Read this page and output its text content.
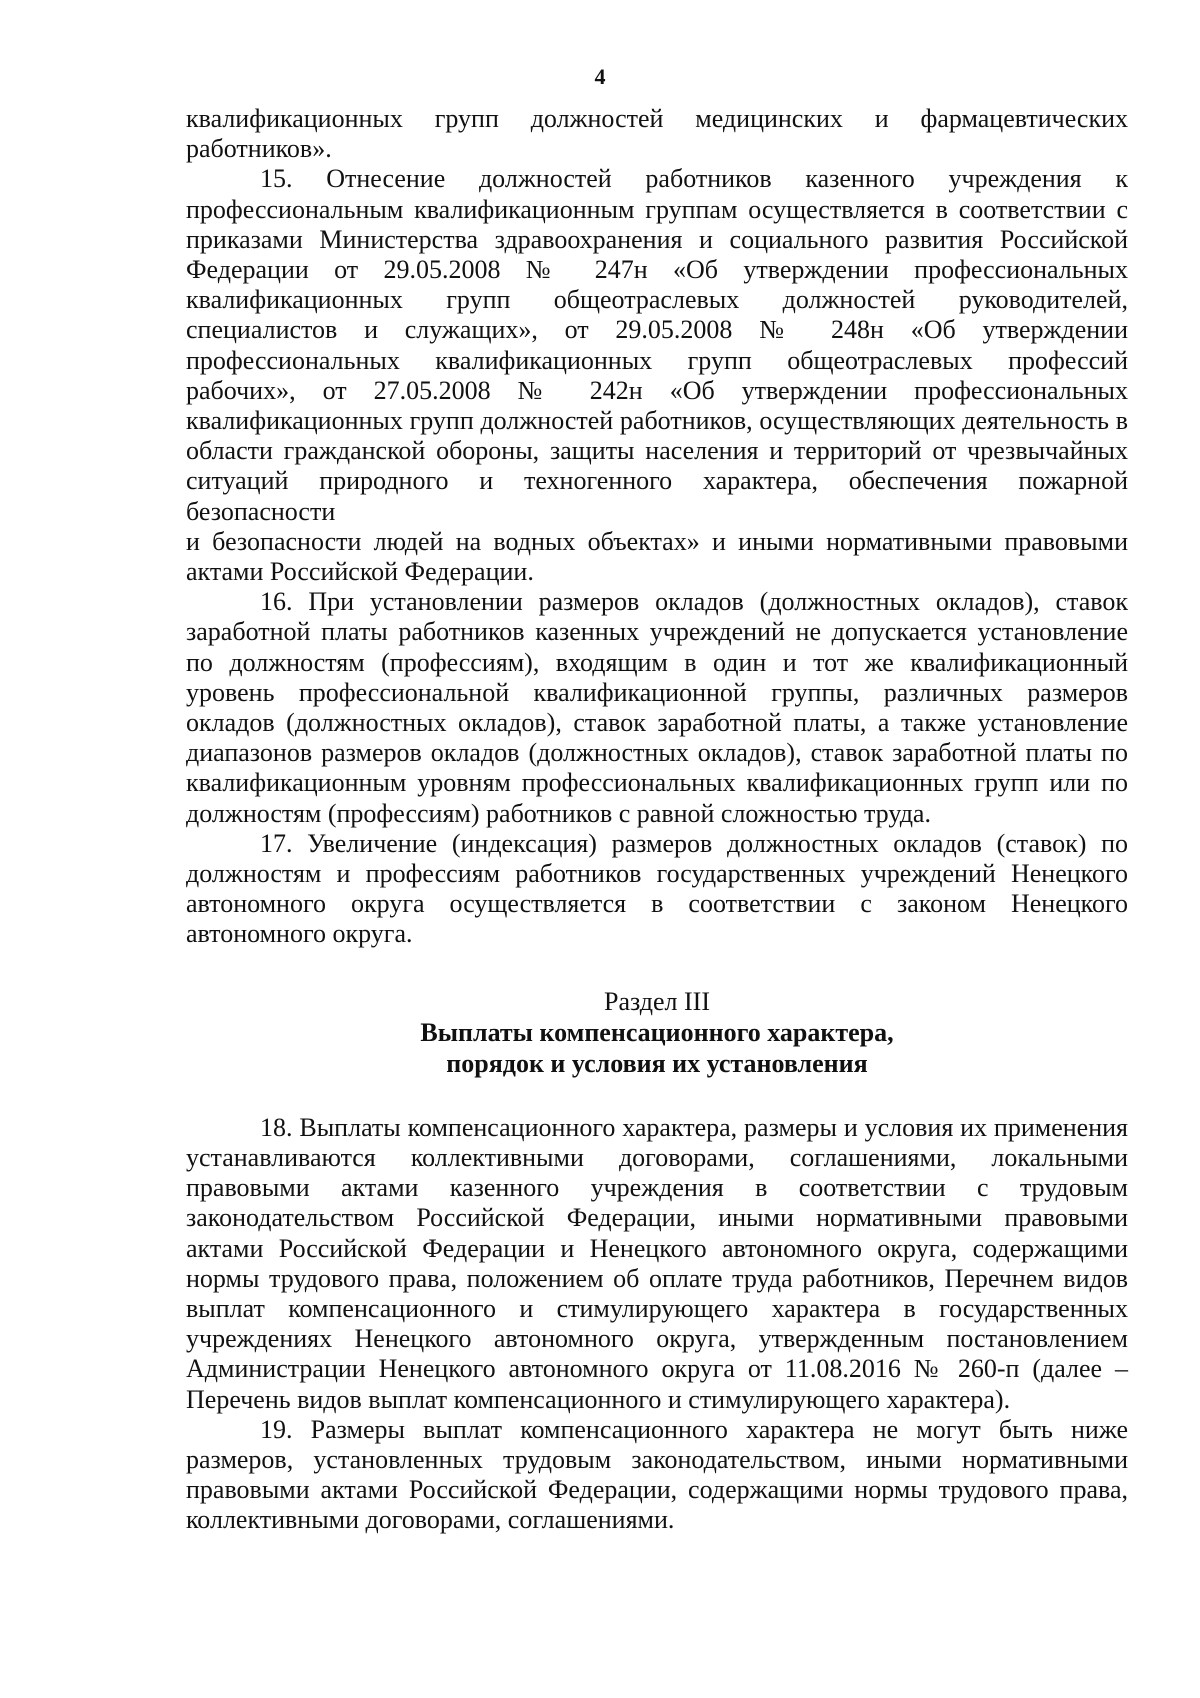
4

квалификационных групп должностей медицинских и фармацевтических работников».

15. Отнесение должностей работников казенного учреждения к профессиональным квалификационным группам осуществляется в соответствии с приказами Министерства здравоохранения и социального развития Российской Федерации от 29.05.2008 № 247н «Об утверждении профессиональных квалификационных групп общеотраслевых должностей руководителей, специалистов и служащих», от 29.05.2008 № 248н «Об утверждении профессиональных квалификационных групп общеотраслевых профессий рабочих», от 27.05.2008 № 242н «Об утверждении профессиональных квалификационных групп должностей работников, осуществляющих деятельность в области гражданской обороны, защиты населения и территорий от чрезвычайных ситуаций природного и техногенного характера, обеспечения пожарной безопасности

и безопасности людей на водных объектах» и иными нормативными правовыми актами Российской Федерации.

16. При установлении размеров окладов (должностных окладов), ставок заработной платы работников казенных учреждений не допускается установление по должностям (профессиям), входящим в один и тот же квалификационный уровень профессиональной квалификационной группы, различных размеров окладов (должностных окладов), ставок заработной платы, а также установление диапазонов размеров окладов (должностных окладов), ставок заработной платы по квалификационным уровням профессиональных квалификационных групп или по должностям (профессиям) работников с равной сложностью труда.

17. Увеличение (индексация) размеров должностных окладов (ставок) по должностям и профессиям работников государственных учреждений Ненецкого автономного округа осуществляется в соответствии с законом Ненецкого автономного округа.

Раздел III
Выплаты компенсационного характера,
порядок и условия их установления

18. Выплаты компенсационного характера, размеры и условия их применения устанавливаются коллективными договорами, соглашениями, локальными правовыми актами казенного учреждения в соответствии с трудовым законодательством Российской Федерации, иными нормативными правовыми актами Российской Федерации и Ненецкого автономного округа, содержащими нормы трудового права, положением об оплате труда работников, Перечнем видов выплат компенсационного и стимулирующего характера в государственных учреждениях Ненецкого автономного округа, утвержденным постановлением Администрации Ненецкого автономного округа от 11.08.2016 № 260-п (далее – Перечень видов выплат компенсационного и стимулирующего характера).

19. Размеры выплат компенсационного характера не могут быть ниже размеров, установленных трудовым законодательством, иными нормативными правовыми актами Российской Федерации, содержащими нормы трудового права, коллективными договорами, соглашениями.
